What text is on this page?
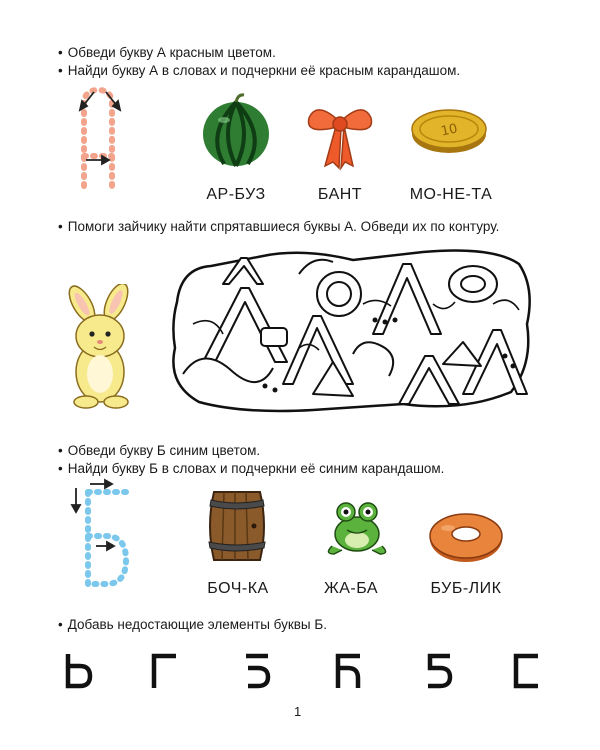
• Обведи букву А красным цветом.
• Найди букву А в словах и подчеркни её красным карандашом.
10
АР-БУЗ	БАНТ	МО-НЕ-ТА
• Помоги зайчику найти спрятавшиеся буквы А. Обведи их по контуру.
• Обведи букву Б синим цветом.
• Найди букву Б в словах и подчеркни её синим карандашом.
БОЧ-КА	ЖА-БА	БУБ-ЛИК
• Добавь недостающие элементы буквы Б.
1
